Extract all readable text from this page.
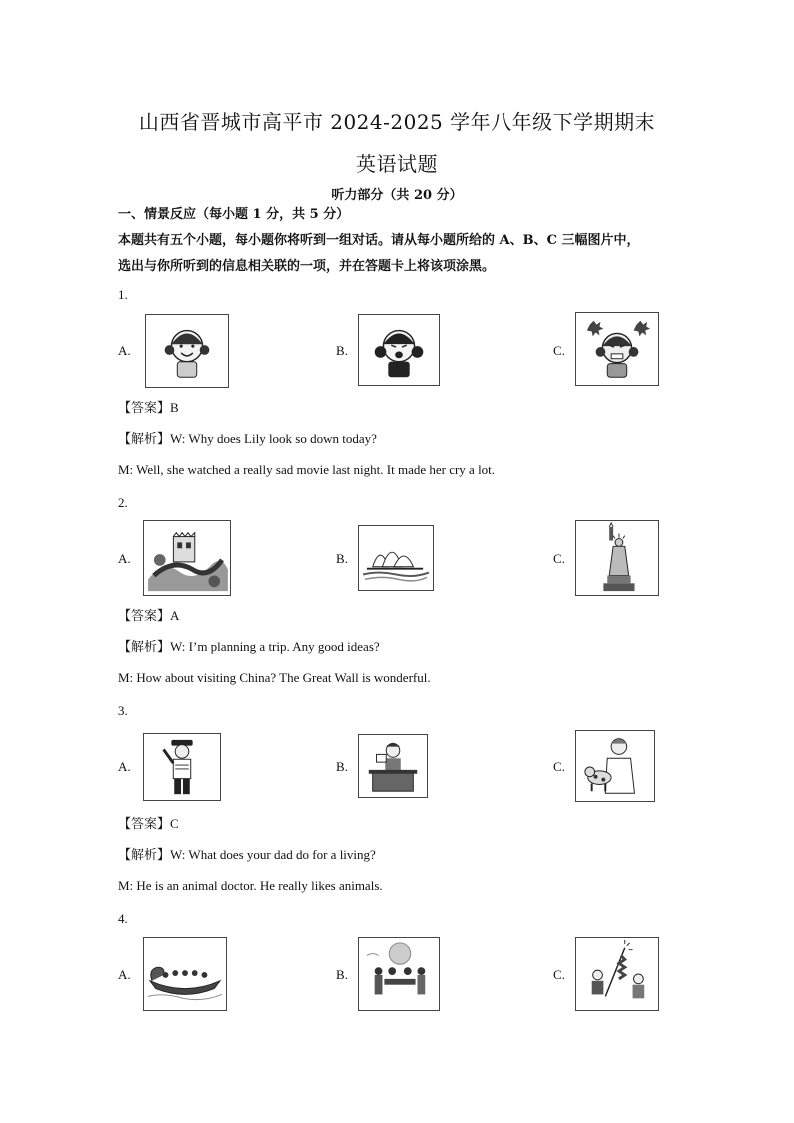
山西省晋城市高平市 2024-2025 学年八年级下学期期末
英语试题
听力部分（共 20 分）
一、情景反应（每小题 1 分，共 5 分）
本题共有五个小题，每小题你将听到一组对话。请从每小题所给的 A、B、C 三幅图片中，
选出与你所听到的信息相关联的一项，并在答题卡上将该项涂黑。
1.
A.	B.	C.
【答案】B
【解析】W: Why does Lily look so down today?
M: Well, she watched a really sad movie last night. It made her cry a lot.
2.
A.	B.	C.
【答案】A
【解析】W: I’m planning a trip. Any good ideas?
M: How about visiting China? The Great Wall is wonderful.
3.
A.	B.	C.
【答案】C
【解析】W: What does your dad do for a living?
M: He is an animal doctor. He really likes animals.
4.
A.	B.	C.
